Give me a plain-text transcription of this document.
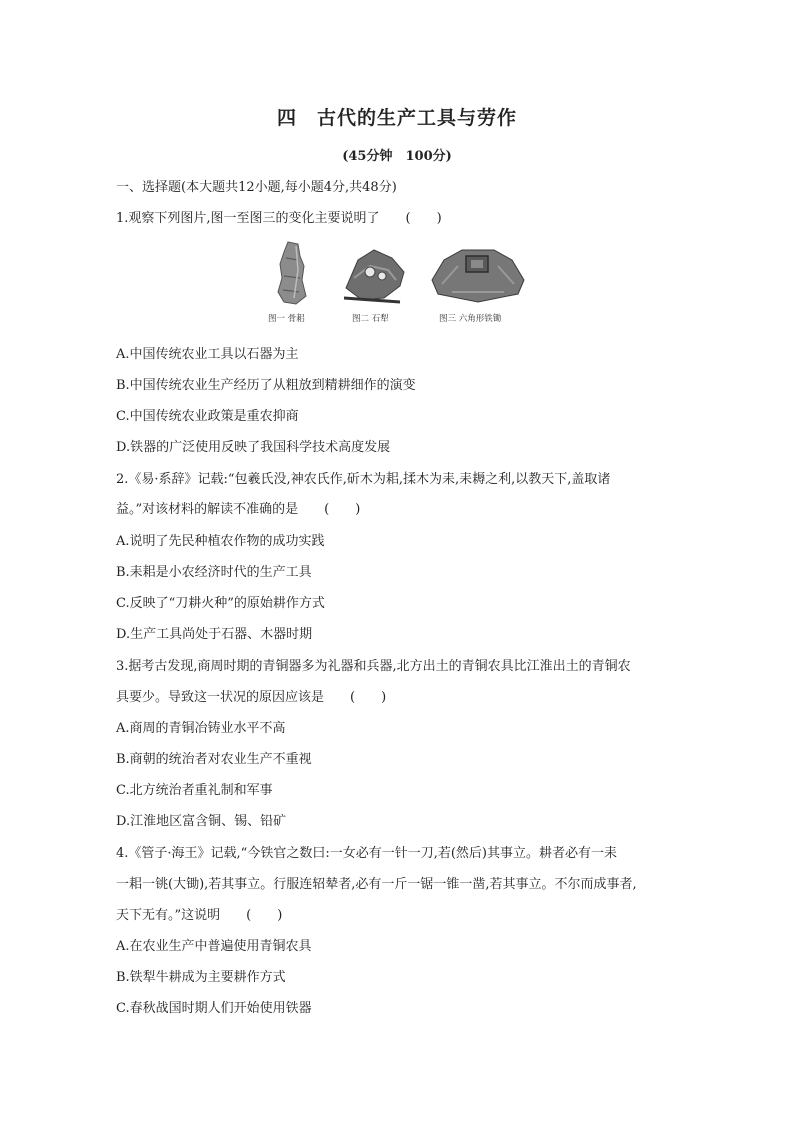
四　古代的生产工具与劳作
(45分钟　100分)
一、选择题(本大题共12小题,每小题4分,共48分)
1.观察下列图片,图一至图三的变化主要说明了 (　　)
图一 骨耜	图二 石犁	图三 六角形铁锄
A.中国传统农业工具以石器为主
B.中国传统农业生产经历了从粗放到精耕细作的演变
C.中国传统农业政策是重农抑商
D.铁器的广泛使用反映了我国科学技术高度发展
2.《易·系辞》记载:“包羲氏没,神农氏作,斫木为耜,揉木为耒,耒耨之利,以教天下,盖取诸
益。”对该材料的解读不准确的是 (　　)
A.说明了先民种植农作物的成功实践
B.耒耜是小农经济时代的生产工具
C.反映了“刀耕火种”的原始耕作方式
D.生产工具尚处于石器、木器时期
3.据考古发现,商周时期的青铜器多为礼器和兵器,北方出土的青铜农具比江淮出土的青铜农
具要少。导致这一状况的原因应该是 (　　)
A.商周的青铜冶铸业水平不高
B.商朝的统治者对农业生产不重视
C.北方统治者重礼制和军事
D.江淮地区富含铜、锡、铅矿
4.《管子·海王》记载,“今铁官之数曰:一女必有一针一刀,若(然后)其事立。耕者必有一耒
一耜一铫(大锄),若其事立。行服连轺辇者,必有一斤一锯一锥一凿,若其事立。不尔而成事者,
天下无有。”这说明 (　　)
A.在农业生产中普遍使用青铜农具
B.铁犁牛耕成为主要耕作方式
C.春秋战国时期人们开始使用铁器
